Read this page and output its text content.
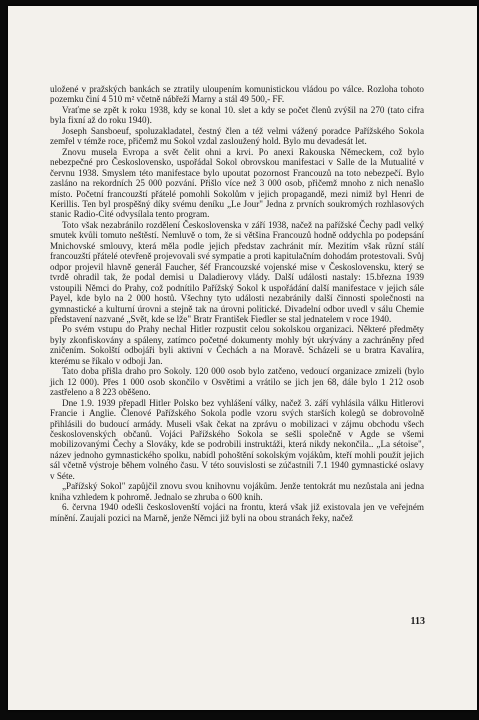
uložené v pražských bankách se ztratily uloupením komunistickou vládou po válce. Rozloha tohoto pozemku činí 4 510 m² včetně nábřeží Marny a stál 49 500,- FF.

Vraťme se zpět k roku 1938, kdy se konal 10. slet a kdy se počet členů zvýšil na 270 (tato cifra byla fixní až do roku 1940).

Joseph Sansboeuf, spoluzakladatel, čestný člen a též velmi vážený poradce Pařížského Sokola zemřel v témže roce, přičemž mu Sokol vzdal zasloužený hold. Bylo mu devadesát let.

Znovu musela Evropa a svět čelit ohni a krvi. Po anexi Rakouska Německem, což bylo nebezpečné pro Československo, uspořádal Sokol obrovskou manifestaci v Salle de la Mutualité v červnu 1938. Smyslem této manifestace bylo upoutat pozornost Francouzů na toto nebezpečí. Bylo zasláno na rekordních 25 000 pozvání. Přišlo více než 3 000 osob, přičemž mnoho z nich nenašlo místo. Početní francouzští přátelé pomohli Sokolům v jejich propagandě, mezi nimiž byl Henri de Kerillis. Ten byl prospěšný díky svému deníku „Le Jour" Jedna z prvních soukromých rozhlasových stanic Radio-Cité odvysílala tento program.

Toto však nezabránilo rozdělení Československa v září 1938, načež na pařížské Čechy padl velký smutek kvůli tomuto neštěstí. Nemluvě o tom, že si většina Francouzů hodně oddychla po podepsání Mnichovské smlouvy, která měla podle jejich představ zachránit mír. Mezitím však různí stálí francouzští přátelé otevřeně projevovali své sympatie a proti kapitulačním dohodám protestovali. Svůj odpor projevil hlavně generál Faucher, šéf Francouzské vojenské mise v Československu, který se tvrdě ohradil tak, že podal demisi u Daladierovy vlády. Další události nastaly: 15.března 1939 vstoupili Němci do Prahy, což podnítilo Pařížský Sokol k uspořádání další manifestace v jejich sále Payel, kde bylo na 2 000 hostů. Všechny tyto události nezabránily další činnosti společnosti na gymnastické a kulturní úrovni a stejně tak na úrovni politické. Divadelní odbor uvedl v sálu Chemie představení nazvané „Svět, kde se lže" Bratr František Fiedler se stal jednatelem v roce 1940.

Po svém vstupu do Prahy nechal Hitler rozpustit celou sokolskou organizaci. Některé předměty byly zkonfiskovány a spáleny, zatímco početné dokumenty mohly být ukrývány a zachráněny před zničením. Sokolští odbojáři byli aktivní v Čechách a na Moravě. Scházeli se u bratra Kavalíra, kterému se říkalo v odboji Jan.

Tato doba přišla draho pro Sokoly. 120 000 osob bylo zatčeno, vedoucí organizace zmizeli (bylo jich 12 000). Přes 1 000 osob skončilo v Osvětimi a vrátilo se jich jen 68, dále bylo 1 212 osob zastřeleno a 8 223 oběšeno.

Dne 1.9. 1939 přepadl Hitler Polsko bez vyhlášení války, načež 3. září vyhlásila válku Hitlerovi Francie i Anglie. Členové Pařížského Sokola podle vzoru svých starších kolegů se dobrovolně přihlásili do budoucí armády. Museli však čekat na zprávu o mobilizaci v zájmu obchodu všech československých občanů. Vojáci Pařížského Sokola se sešli společně v Agde se všemi mobilizovanými Čechy a Slováky, kde se podrobili instruktáži, která nikdy nekončila.. „La sétoise", název jednoho gymnastického spolku, nabídl pohoštění sokolským vojákům, kteří mohli použít jejich sál včetně výstroje během volného času. V této souvislosti se zúčastnili 7.1 1940 gymnastické oslavy v Séte.

„Pařížský Sokol" zapůjčil znovu svou knihovnu vojákům. Jenže tentokrát mu nezůstala ani jedna kniha vzhledem k pohromě. Jednalo se zhruba o 600 knih.

6. června 1940 odešli českoslovenští vojáci na frontu, která však již existovala jen ve veřejném mínění. Zaujali pozici na Marně, jenže Němci již byli na obou stranách řeky, načež

113
